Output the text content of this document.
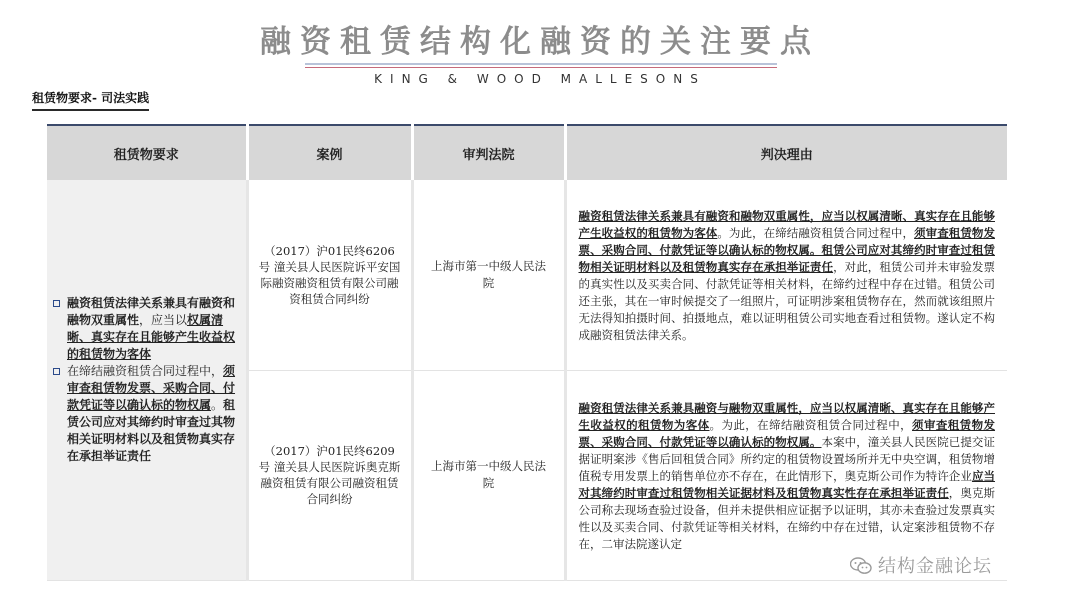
融资租赁结构化融资的关注要点
KING & WOOD MALLESONS
租赁物要求- 司法实践
租赁物要求	案例	审判法院	判决理由

融资租赁法律关系兼具有融资和融物双重属性，应当以权属清晰、真实存在且能够产生收益权的租赁物为客体
在缔结融资租赁合同过程中，须审查租赁物发票、采购合同、付款凭证等以确认标的物权属。租赁公司应对其缔约时审查过其物相关证明材料以及租赁物真实存在承担举证责任	（2017）沪01民终6206号 潼关县人民医院诉平安国际融资融资租赁有限公司融资租赁合同纠纷	上海市第一中级人民法院	融资租赁法律关系兼具有融资和融物双重属性，应当以权属清晰、真实存在且能够产生收益权的租赁物为客体。为此，在缔结融资租赁合同过程中，须审查租赁物发票、采购合同、付款凭证等以确认标的物权属。租赁公司应对其缔约时审查过租赁物相关证明材料以及租赁物真实存在承担举证责任，对此，租赁公司并未审验发票的真实性以及买卖合同、付款凭证等相关材料，在缔约过程中存在过错。租赁公司还主张，其在一审时候提交了一组照片，可证明涉案租赁物存在，然而就该组照片无法得知拍摄时间、拍摄地点，难以证明租赁公司实地查看过租赁物。遂认定不构成融资租赁法律关系。

	（2017）沪01民终6209号 潼关县人民医院诉奥克斯融资租赁有限公司融资租赁合同纠纷	上海市第一中级人民法院	融资租赁法律关系兼具融资与融物双重属性，应当以权属清晰、真实存在且能够产生收益权的租赁物为客体。为此，在缔结融资租赁合同过程中，须审查租赁物发票、采购合同、付款凭证等以确认标的物权属。本案中，潼关县人民医院已提交证据证明案涉《售后回租赁合同》所约定的租赁物设置场所并无中央空调，租赁物增值税专用发票上的销售单位亦不存在，在此情形下，奥克斯公司作为特许企业应当对其缔约时审查过租赁物相关证据材料及租赁物真实性存在承担举证责任，奥克斯公司称去现场查验过设备，但并未提供相应证据予以证明，其亦未查验过发票真实性以及买卖合同、付款凭证等相关材料，在缔约中存在过错，认定案涉租赁物不存在，二审法院遂认定

结构金融论坛
